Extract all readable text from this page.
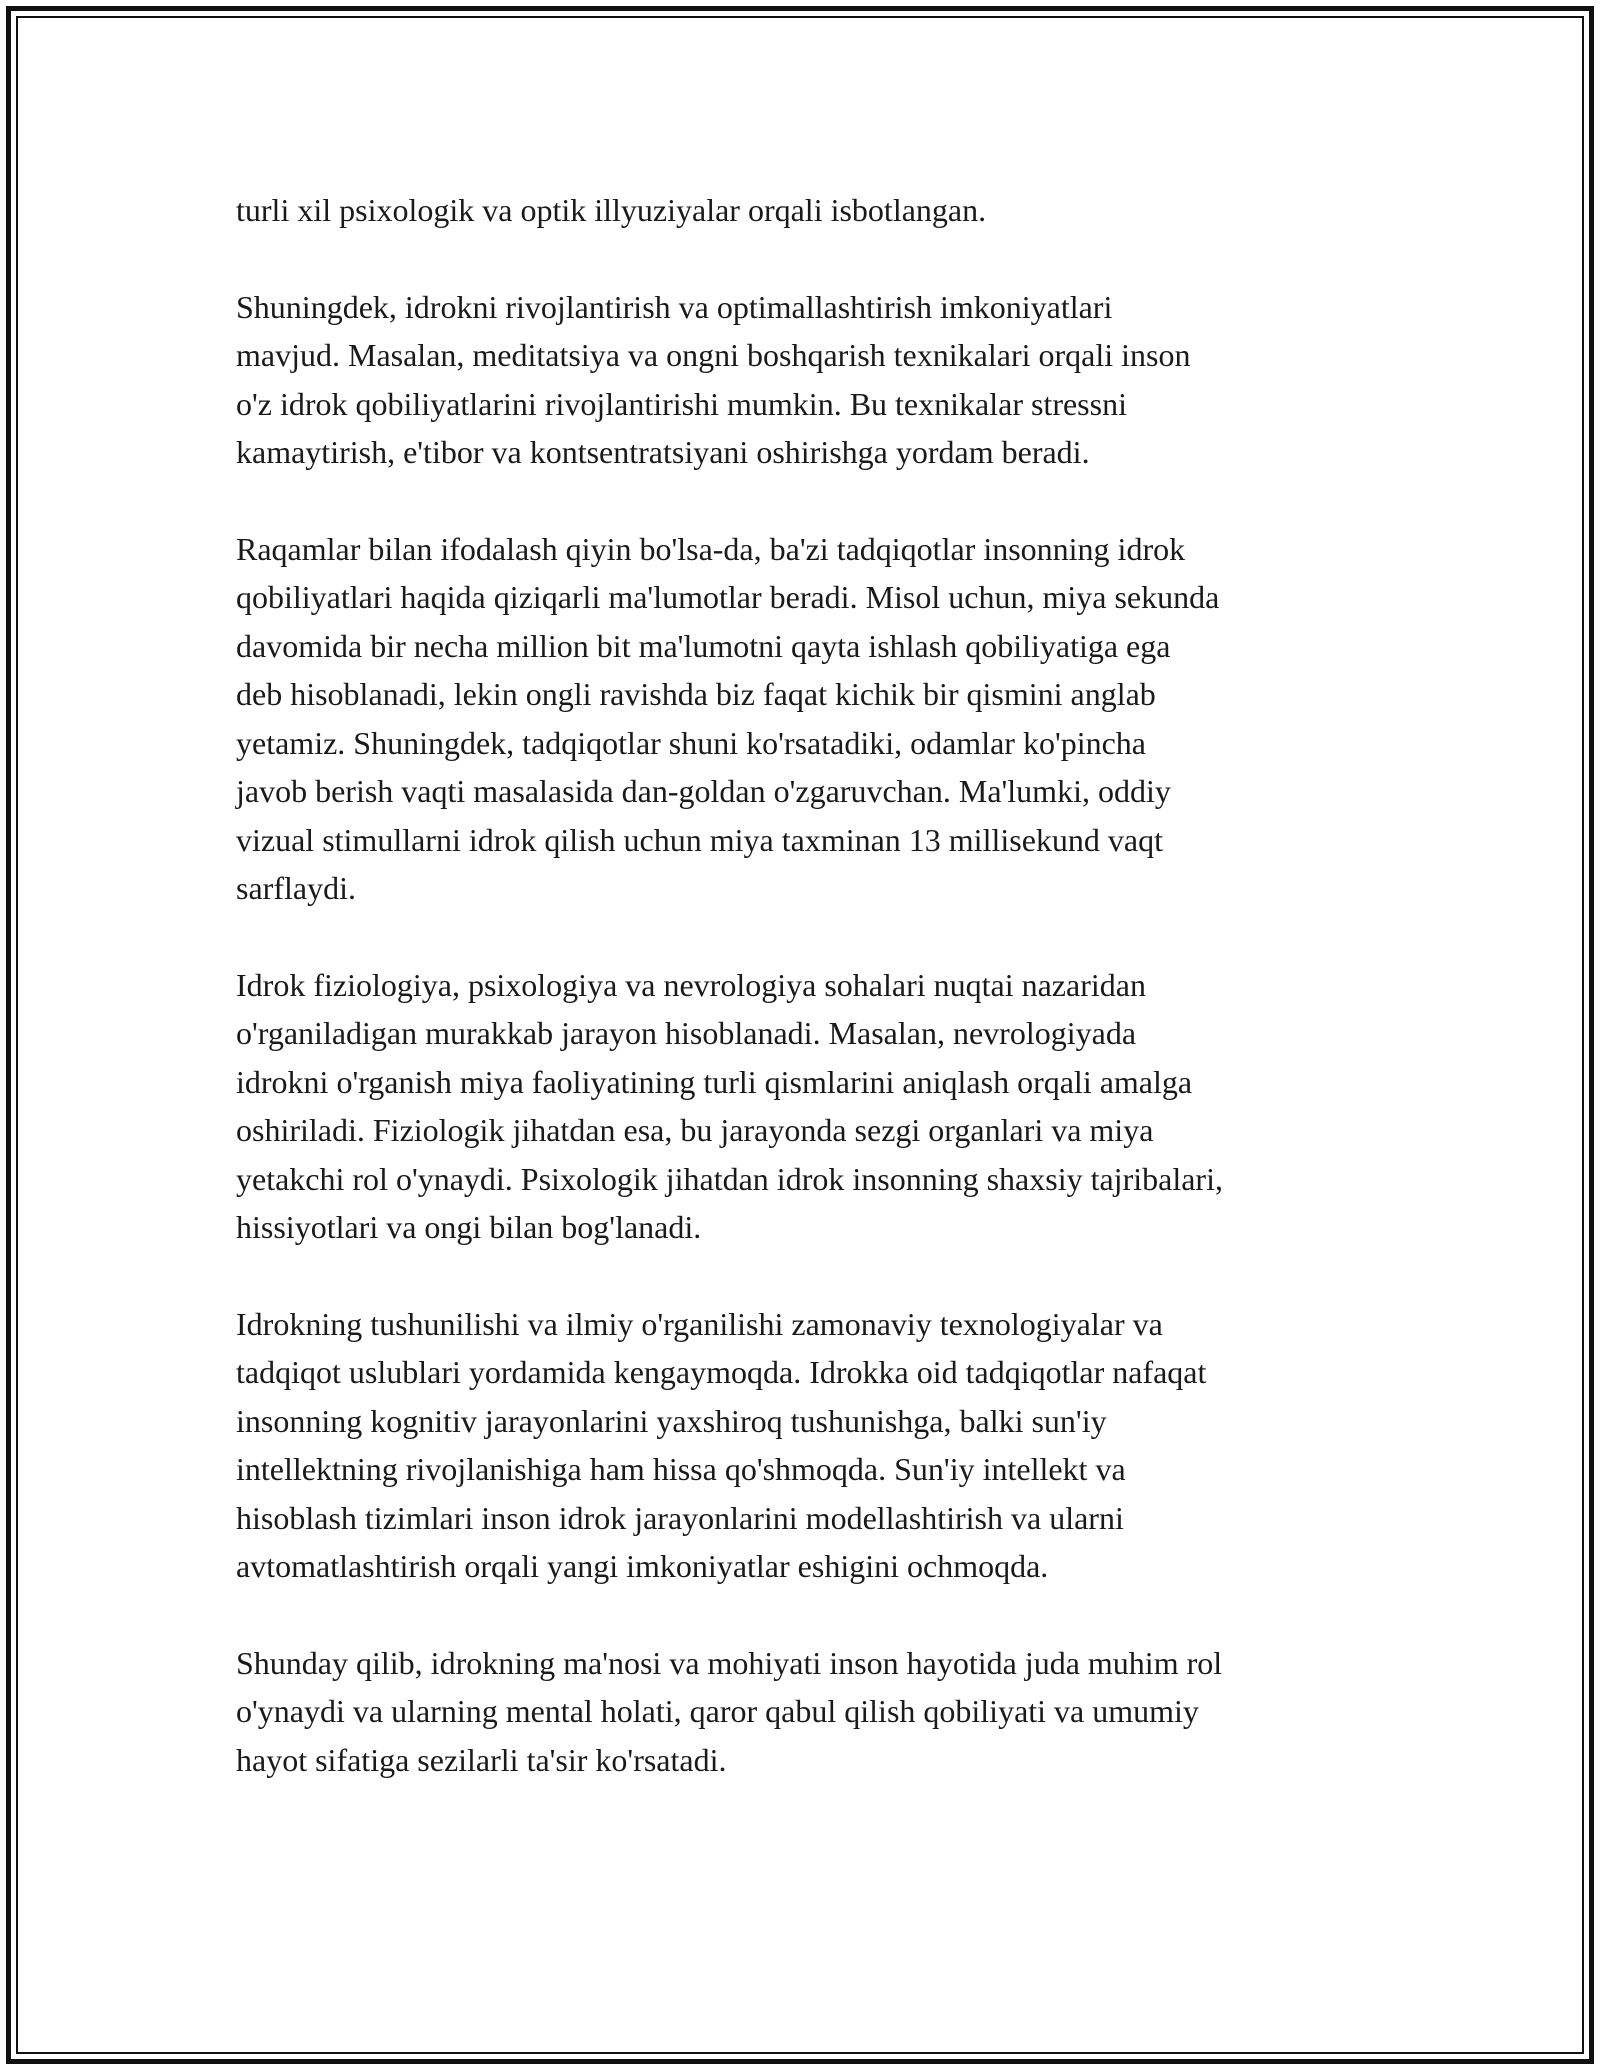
turli xil psixologik va optik illyuziyalar orqali isbotlangan.

Shuningdek, idrokni rivojlantirish va optimallashtirish imkoniyatlari
mavjud. Masalan, meditatsiya va ongni boshqarish texnikalari orqali inson
o'z idrok qobiliyatlarini rivojlantirishi mumkin. Bu texnikalar stressni
kamaytirish, e'tibor va kontsentratsiyani oshirishga yordam beradi.

Raqamlar bilan ifodalash qiyin bo'lsa-da, ba'zi tadqiqotlar insonning idrok
qobiliyatlari haqida qiziqarli ma'lumotlar beradi. Misol uchun, miya sekunda
davomida bir necha million bit ma'lumotni qayta ishlash qobiliyatiga ega
deb hisoblanadi, lekin ongli ravishda biz faqat kichik bir qismini anglab
yetamiz. Shuningdek, tadqiqotlar shuni ko'rsatadiki, odamlar ko'pincha
javob berish vaqti masalasida dan-goldan o'zgaruvchan. Ma'lumki, oddiy
vizual stimullarni idrok qilish uchun miya taxminan 13 millisekund vaqt
sarflaydi.

Idrok fiziologiya, psixologiya va nevrologiya sohalari nuqtai nazaridan
o'rganiladigan murakkab jarayon hisoblanadi. Masalan, nevrologiyada
idrokni o'rganish miya faoliyatining turli qismlarini aniqlash orqali amalga
oshiriladi. Fiziologik jihatdan esa, bu jarayonda sezgi organlari va miya
yetakchi rol o'ynaydi. Psixologik jihatdan idrok insonning shaxsiy tajribalari,
hissiyotlari va ongi bilan bog'lanadi.

Idrokning tushunilishi va ilmiy o'rganilishi zamonaviy texnologiyalar va
tadqiqot uslublari yordamida kengaymoqda. Idrokka oid tadqiqotlar nafaqat
insonning kognitiv jarayonlarini yaxshiroq tushunishga, balki sun'iy
intellektning rivojlanishiga ham hissa qo'shmoqda. Sun'iy intellekt va
hisoblash tizimlari inson idrok jarayonlarini modellashtirish va ularni
avtomatlashtirish orqali yangi imkoniyatlar eshigini ochmoqda.

Shunday qilib, idrokning ma'nosi va mohiyati inson hayotida juda muhim rol
o'ynaydi va ularning mental holati, qaror qabul qilish qobiliyati va umumiy
hayot sifatiga sezilarli ta'sir ko'rsatadi.
